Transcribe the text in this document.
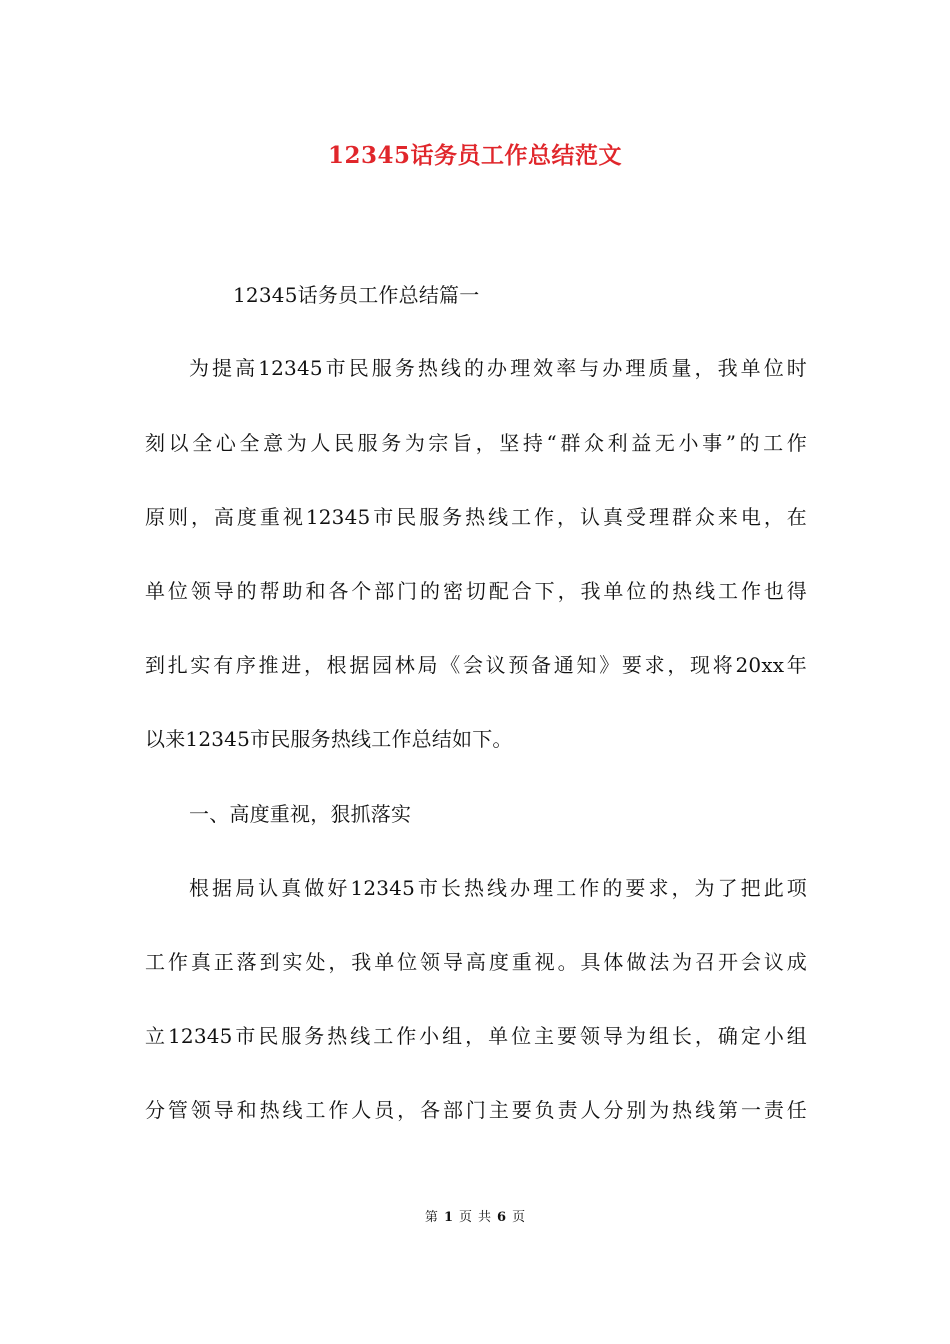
12345话务员工作总结范文
12345话务员工作总结篇一
为提高12345市民服务热线的办理效率与办理质量，我单位时
刻以全心全意为人民服务为宗旨，坚持“群众利益无小事”的工作
原则，高度重视12345市民服务热线工作，认真受理群众来电，在
单位领导的帮助和各个部门的密切配合下，我单位的热线工作也得
到扎实有序推进，根据园林局《会议预备通知》要求，现将20xx年
以来12345市民服务热线工作总结如下。
一、高度重视，狠抓落实
根据局认真做好12345市长热线办理工作的要求，为了把此项
工作真正落到实处，我单位领导高度重视。具体做法为召开会议成
立12345市民服务热线工作小组，单位主要领导为组长，确定小组
分管领导和热线工作人员，各部门主要负责人分别为热线第一责任
第 1 页 共 6 页
